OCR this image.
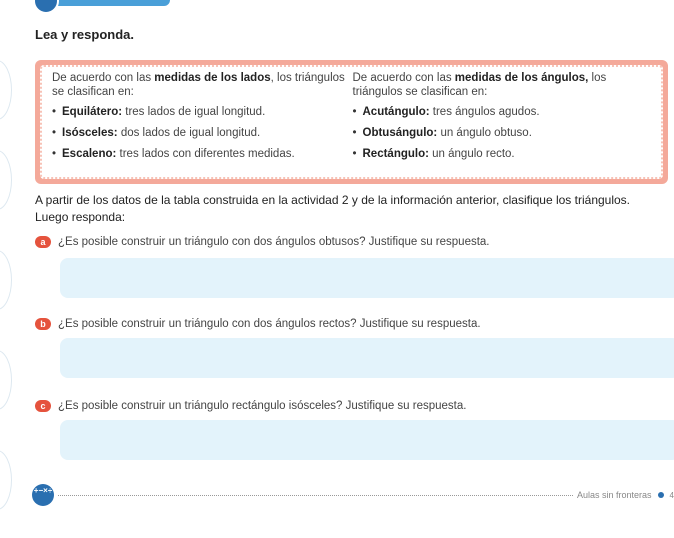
Lea y responda.

De acuerdo con las medidas de los lados, los triángulos se clasifican en:

• Equilátero: tres lados de igual longitud.
• Isósceles: dos lados de igual longitud.
• Escaleno: tres lados con diferentes medidas.

De acuerdo con las medidas de los ángulos, los triángulos se clasifican en:

• Acutángulo: tres ángulos agudos.
• Obtusángulo: un ángulo obtuso.
• Rectángulo: un ángulo recto.
A partir de los datos de la tabla construida en la actividad 2 y de la información anterior, clasifique los triángulos. Luego responda:
a	¿Es posible construir un triángulo con dos ángulos obtusos? Justifique su respuesta.
b	¿Es posible construir un triángulo con dos ángulos rectos? Justifique su respuesta.
c	¿Es posible construir un triángulo rectángulo isósceles? Justifique su respuesta.
+−×÷	Aulas sin fronteras 4
